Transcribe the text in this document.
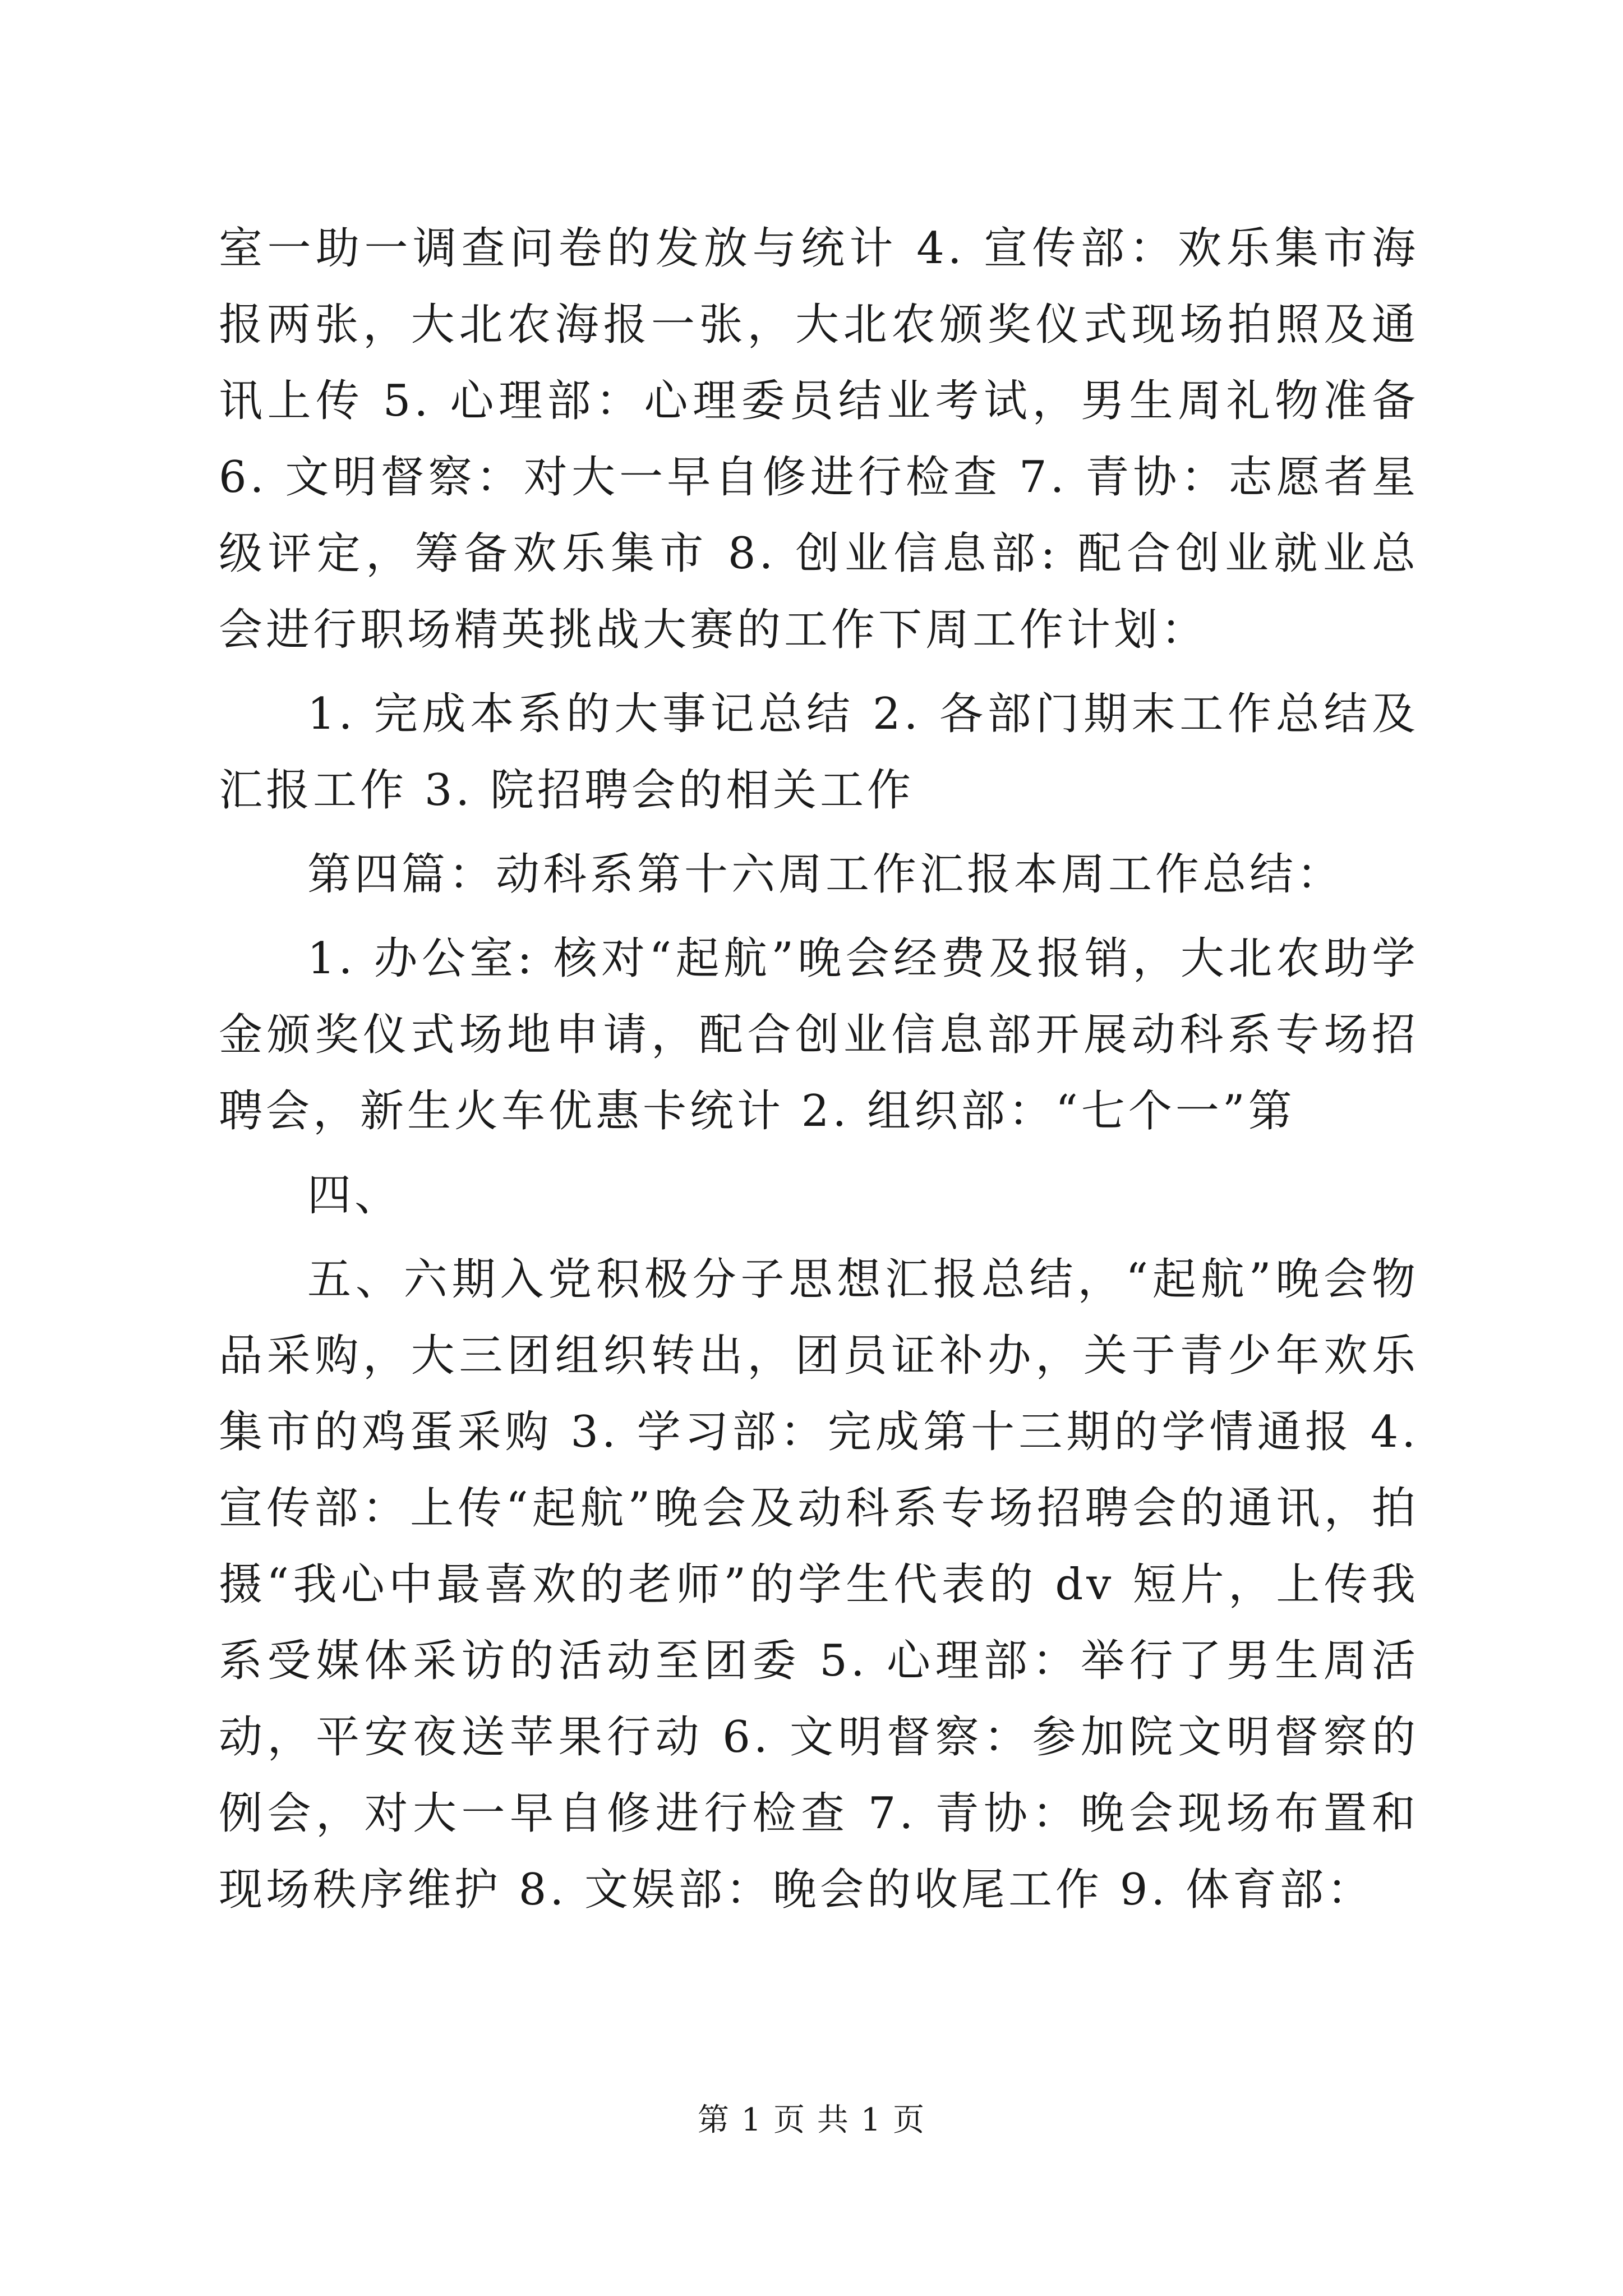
室一助一调查问卷的发放与统计 4. 宣传部：欢乐集市海报两张，大北农海报一张，大北农颁奖仪式现场拍照及通讯上传 5. 心理部：心理委员结业考试，男生周礼物准备 6. 文明督察：对大一早自修进行检查 7. 青协：志愿者星级评定，筹备欢乐集市 8. 创业信息部: 配合创业就业总会进行职场精英挑战大赛的工作下周工作计划：

1. 完成本系的大事记总结 2. 各部门期末工作总结及汇报工作 3. 院招聘会的相关工作

第四篇：动科系第十六周工作汇报本周工作总结：

1. 办公室: 核对“起航”晚会经费及报销，大北农助学金颁奖仪式场地申请，配合创业信息部开展动科系专场招聘会，新生火车优惠卡统计 2. 组织部：“七个一”第

四、

五、六期入党积极分子思想汇报总结，“起航”晚会物品采购，大三团组织转出，团员证补办，关于青少年欢乐集市的鸡蛋采购 3. 学习部：完成第十三期的学情通报 4. 宣传部：上传“起航”晚会及动科系专场招聘会的通讯，拍摄“我心中最喜欢的老师”的学生代表的 dv 短片，上传我系受媒体采访的活动至团委 5. 心理部：举行了男生周活动，平安夜送苹果行动 6. 文明督察：参加院文明督察的例会，对大一早自修进行检查 7. 青协：晚会现场布置和现场秩序维护 8. 文娱部：晚会的收尾工作 9. 体育部：

第 1 页 共 1 页
